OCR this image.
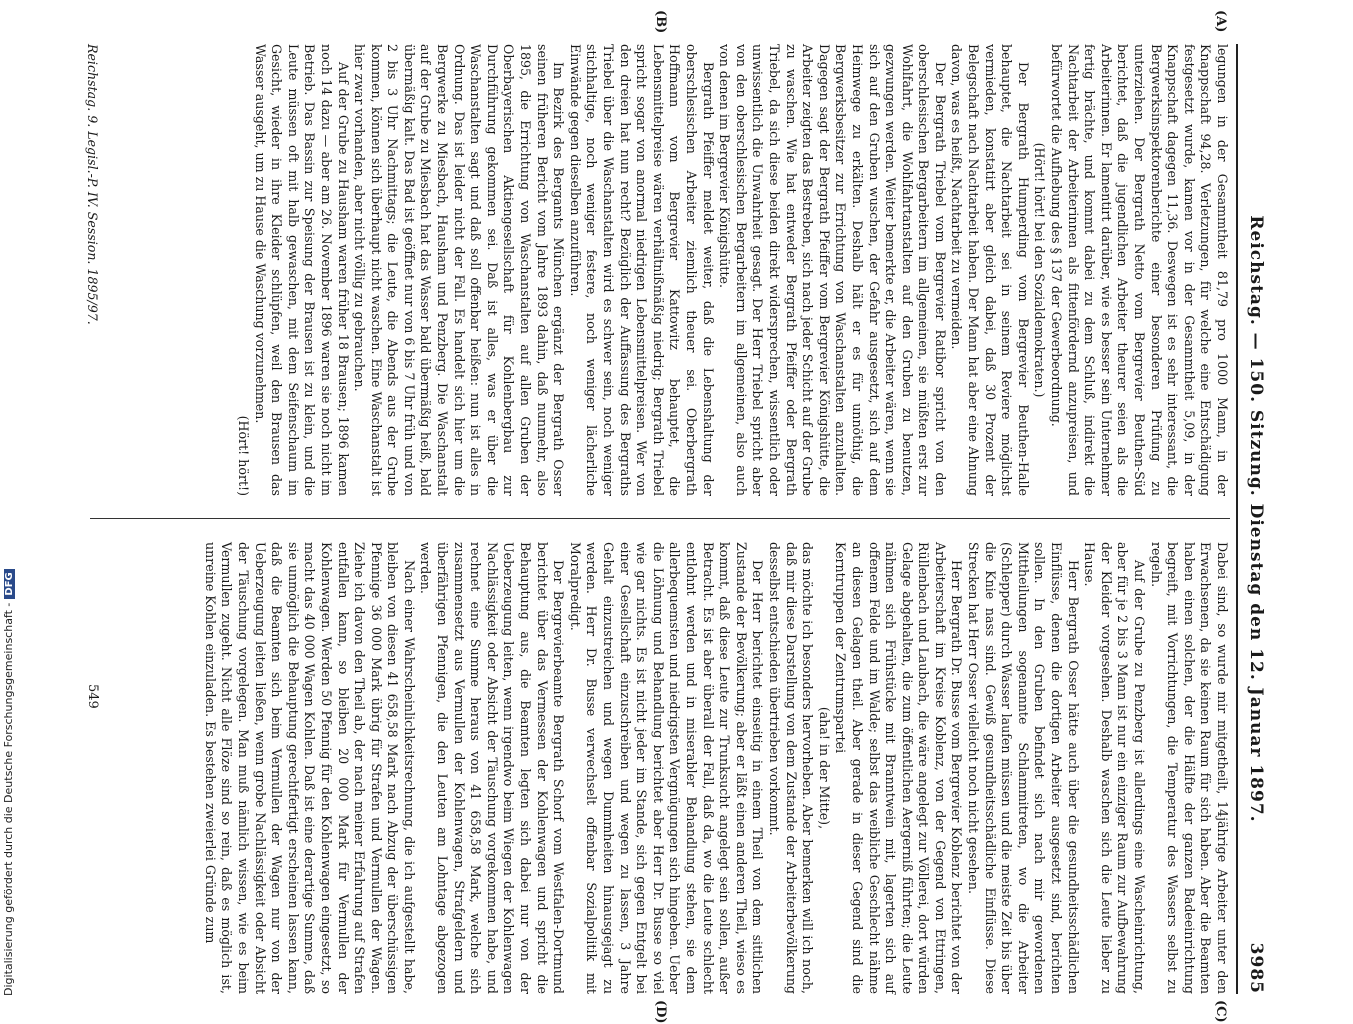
Reichstag. — 150. Sitzung. Dienstag den 12. Januar 1897.
3985
(A)
(B)
(C)
(D)

legungen in der Gesammtheit 81,79 pro 1000 Mann, in der Knappschaft 94,28. Verletzungen, für welche eine Entschädigung festgesetzt wurde, kamen vor in der Gesammtheit 5,09, in der Knappschaft dagegen 11,36. Deswegen ist es sehr interessant, die Bergwerksinspektorenberichte einer besonderen Prüfung zu unterziehen. Der Bergrath Netto vom Bergrevier Beuthen-Süd berichtet, daß die jugendlichen Arbeiter theurer seien als die Arbeiterinnen. Er lamentirt darüber, wie es besser sein Unternehmer fertig brächte, und kommt dabei zu dem Schluß, indirekt die Nachtarbeit der Arbeiterinnen als fittenfördernd anzupreisen, und befürwortet die Aufhebung des § 137 der Gewerbeordnung.

(Hört! hört! bei den Sozialdemokraten.)

Der Bergrath Humperding vom Bergrevier Beuthen-Halle behauptet, die Nachtarbeit sei in seinem Reviere möglichst vermieden, konstatirt aber gleich dabei, daß 30 Prozent der Belegschaft nach Nachtarbeit haben. Der Mann hat aber eine Ahnung davon, was es heißt, Nachtarbeit zu vermeiden.

Der Bergrath Triebel vom Bergrevier Ratibor spricht von den oberschlesischen Bergarbeitern im allgemeinen, sie müßten erst zur Wohlfahrt, die Wohlfahrtanstalten auf den Gruben zu benutzen, gezwungen werden. Weiter bemerkte er, die Arbeiter wären, wenn sie sich auf den Gruben wuschen, der Gefahr ausgesetzt, sich auf dem Heimwege zu erkälten. Deshalb hält er es für unnöthig, die Bergwerksbesitzer zur Errichtung von Waschanstalten anzuhalten. Dagegen sagt der Bergrath Pfeiffer vom Bergrevier Königshütte, die Arbeiter zeigten das Bestreben, sich nach jeder Schicht auf der Grube zu waschen. Wie hat entweder Bergrath Pfeiffer oder Bergrath Triebel, da sich diese beiden direkt widersprechen, wissentlich oder unwissentlich die Unwahrheit gesagt. Der Herr Triebel spricht aber von den oberschlesischen Bergarbeitern im allgemeinen, also auch von denen im Bergrevier Königshütte.

Bergrath Pfeiffer meldet weiter, daß die Lebenshaltung der oberschlesischen Arbeiter ziemlich theuer sei. Oberbergrath Hoffmann vom Bergrevier Kattowitz behauptet, die Lebensmittelpreise wären verhältnißmäßig niedrig; Bergrath Triebel spricht sogar von anormal niedrigen Lebensmittelpreisen. Wer von den dreien hat nun recht? Bezüglich der Auffassung des Bergraths Triebel über die Waschanstalten wird es schwer sein, noch weniger stichhaltige, noch weniger festere, noch weniger lächerliche Einwände gegen dieselben anzuführen.

Im Bezirk des Bergamts München ergänzt der Bergrath Osser seinen früheren Bericht vom Jahre 1893 dahin, daß nunmehr, also 1895, die Errichtung von Waschanstalten auf allen Gruben der Oberbayerischen Aktiengesellschaft für Kohlenbergbau zur Durchführung gekommen sei. Daß ist alles, was er über die Waschanstalten sagt und daß soll offenbar heißen: nun ist alles in Ordnung. Das ist leider nicht der Fall. Es handelt sich hier um die Bergwerke zu Miesbach, Hausham und Penzberg. Die Waschanstalt auf der Grube zu Miesbach hat das Wasser bald übermäßig heiß, bald übermäßig kalt. Das Bad ist geöffnet nur von 6 bis 7 Uhr früh und von 2 bis 3 Uhr Nachmittags; die Leute, die Abends aus der Grube kommen, können sich überhaupt nicht waschen. Eine Waschanstalt ist hier zwar vorhanden, aber nicht völlig zu gebrauchen.

Auf der Grube zu Hausham waren früher 18 Brausen; 1896 kamen noch 14 dazu — aber am 26. November 1896 waren sie noch nicht im Betrieb. Das Bassin zur Speisung der Brausen ist zu klein, und die Leute müssen oft mit halb gewaschen, mit dem Seifenschaum im Gesicht, wieder in ihre Kleider schlüpfen, weil den Brausen das Wasser ausgeht, um zu Hause die Waschung vorzunehmen.

(Hört! hört!)

Dabei sind, so wurde mir mitgetheilt, 14jährige Arbeiter unter den Erwachsenen, da sie keinen Raum für sich haben. Aber die Beamten haben einen solchen, der die Hälfte der ganzen Badeeinrichtung begreift, mit Vorrichtungen, die Temperatur des Wassers selbst zu regeln.

Auf der Grube zu Penzberg ist allerdings eine Wascheinrichtung, aber für je 2 bis 3 Mann ist nur ein einziger Raum zur Aufbewahrung der Kleider vorgesehen. Deshalb waschen sich die Leute lieber zu Hause.

Herr Bergrath Osser hätte auch über die gesundheitsschädlichen Einflüsse, denen die dortigen Arbeiter ausgesetzt sind, berichten sollen. In den Gruben befindet sich nach mir gewordenen Mittheilungen sogenannte Schlammitreten, wo die Arbeiter (Schlepper) durch Wasser laufen müssen und die meiste Zeit bis über die Knie nass sind. Gewiß gesundheitsschädliche Einflüsse. Diese Strecken hat Herr Osser vielleicht noch nicht gesehen.

Herr Bergrath Dr. Busse vom Bergrevier Koblenz berichtet von der Arbeiterschaft im Kreise Koblenz, von der Gegend von Ettringen, Rüllenbach und Laubach, die wäre angelegt zur Völlerei, dort würden Gelage abgehalten, die zum öffentlichen Aergerniß führten; die Leute nähmen sich Frühstücke mit Branntwein mit, lagerten sich auf offenem Felde und im Walde; selbst das weibliche Geschlecht nähme an diesen Gelagen theil. Aber gerade in dieser Gegend sind die Kerntruppen der Zentrumspartei

(aha! in der Mitte),

das möchte ich besonders hervorheben. Aber bemerken will ich noch, daß mir diese Darstellung von dem Zustande der Arbeiterbevölkerung desselbst entschieden übertrieben vorkommt.

Der Herr berichtet einseitig in einem Theil von dem sittlichen Zustande der Bevölkerung; aber er läßt einen anderen Theil, wieso es kommt, daß diese Leute zur Trunksucht angelegt sein sollen, außer Betracht. Es ist aber überall der Fall, daß da, wo die Leute schlecht entlohnt werden und in miserabler Behandlung stehen, sie dem allerbequemsten und niedrigsten Vergnügungen sich hingeben. Ueber die Löhnung und Behandlung berichtet aber Herr Dr. Busse so viel wie gar nichts. Es ist nicht jeder im Stande, sich gegen Entgelt bei einer Gesellschaft einzuschreiben und wegen zu lassen, 3 Jahre Gehalt einzustreichen und wegen Dummheiten hinausgejagt zu werden. Herr Dr. Busse verwechselt offenbar Sozialpolitik mit Moralpredigt.

Der Bergrevierbeamte Bergrath Schorf vom Westfalen-Dortmund berichtet über das Vermessen der Kohlenwagen und spricht die Behauptung aus, die Beamten legten sich dabei nur von der Ueberzeugung leiten, wenn irgendwo beim Wiegen der Kohlenwagen Nachlässigkeit oder Absicht der Täuschung vorgekommen habe, und rechnet eine Summe heraus von 41 658,58 Mark, welche sich zusammensetzt aus Vermullen der Kohlenwagen, Strafgeldern und überfährigen Pfennigen, die den Leuten am Lohntage abgezogen werden.

Nach einer Wahrscheinlichkeitsrechnung, die ich aufgestellt habe, bleiben von diesen 41 658,58 Mark nach Abzug der überschüssigen Pfennige 36 000 Mark übrig für Strafen und Vermullen der Wagen. Ziehe ich davon den Theil ab, der nach meiner Erfahrung auf Strafen entfallen kann, so bleiben 20 000 Mark für Vermullen der Kohlenwagen. Werden 50 Pfennig für den Kohlenwagen eingesetzt, so macht das 40 000 Wagen Kohlen. Daß ist eine derartige Summe, daß sie unmöglich die Behauptung gerechtfertigt erscheinen lassen kann, daß die Beamten sich beim Vermullen der Wagen nur von der Ueberzeugung leiten ließen, wenn grobe Nachlässigkeit oder Absicht der Täuschung vorgelegen. Man muß nämlich wissen, wie es beim Vermullen zugeht. Nicht alle Flöze sind so rein, daß es möglich ist, unreine Kohlen einzuladen. Es bestehen zweierlei Gründe zum

Reichstag. 9. Legisl.-P. IV. Session. 1895/97.
549
Digitalisierung gefördert durch die Deutsche Forschungsgemeinschaft -DFG
